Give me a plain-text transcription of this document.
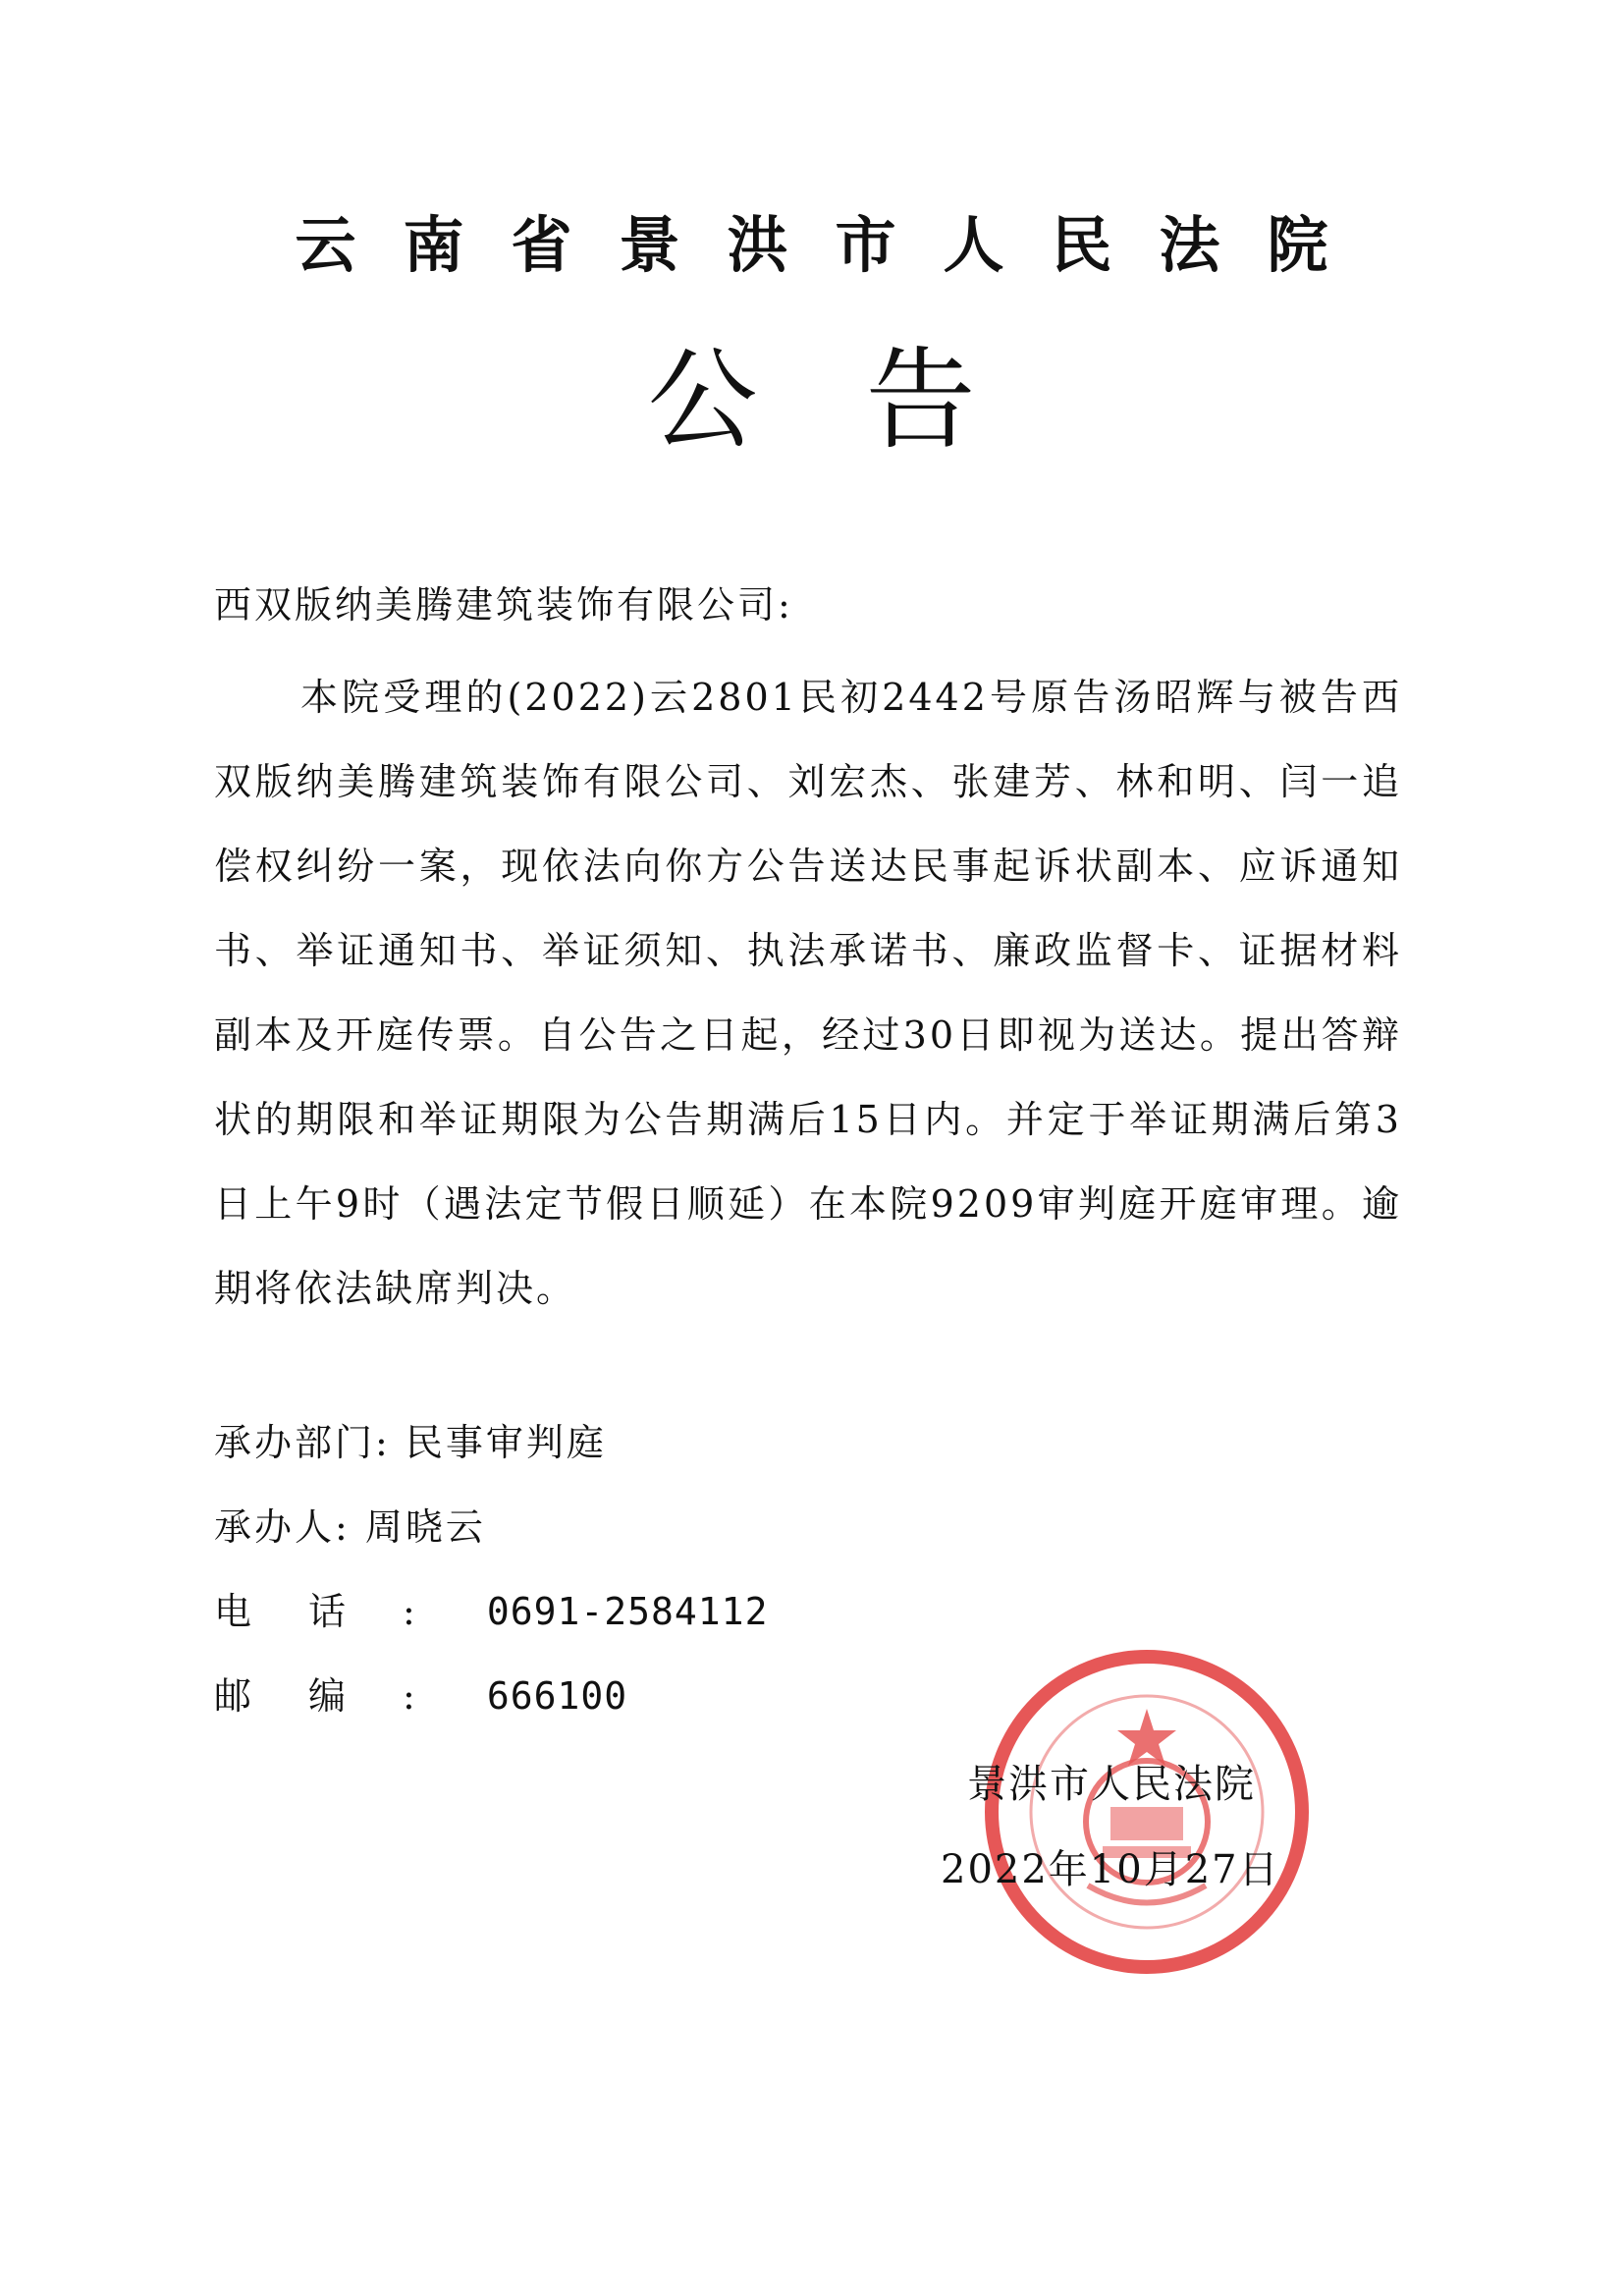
云南省景洪市人民法院
公告
西双版纳美腾建筑装饰有限公司:
本院受理的(2022)云2801民初2442号原告汤昭辉与被告西双版纳美腾建筑装饰有限公司、刘宏杰、张建芳、林和明、闫一追偿权纠纷一案，现依法向你方公告送达民事起诉状副本、应诉通知书、举证通知书、举证须知、执法承诺书、廉政监督卡、证据材料副本及开庭传票。自公告之日起，经过30日即视为送达。提出答辩状的期限和举证期限为公告期满后15日内。并定于举证期满后第3日上午9时（遇法定节假日顺延）在本院9209审判庭开庭审理。逾期将依法缺席判决。
承办部门: 民事审判庭
承办人: 周晓云
电话: 0691-2584112
邮编: 666100
景洪市人民法院
2022年10月27日
